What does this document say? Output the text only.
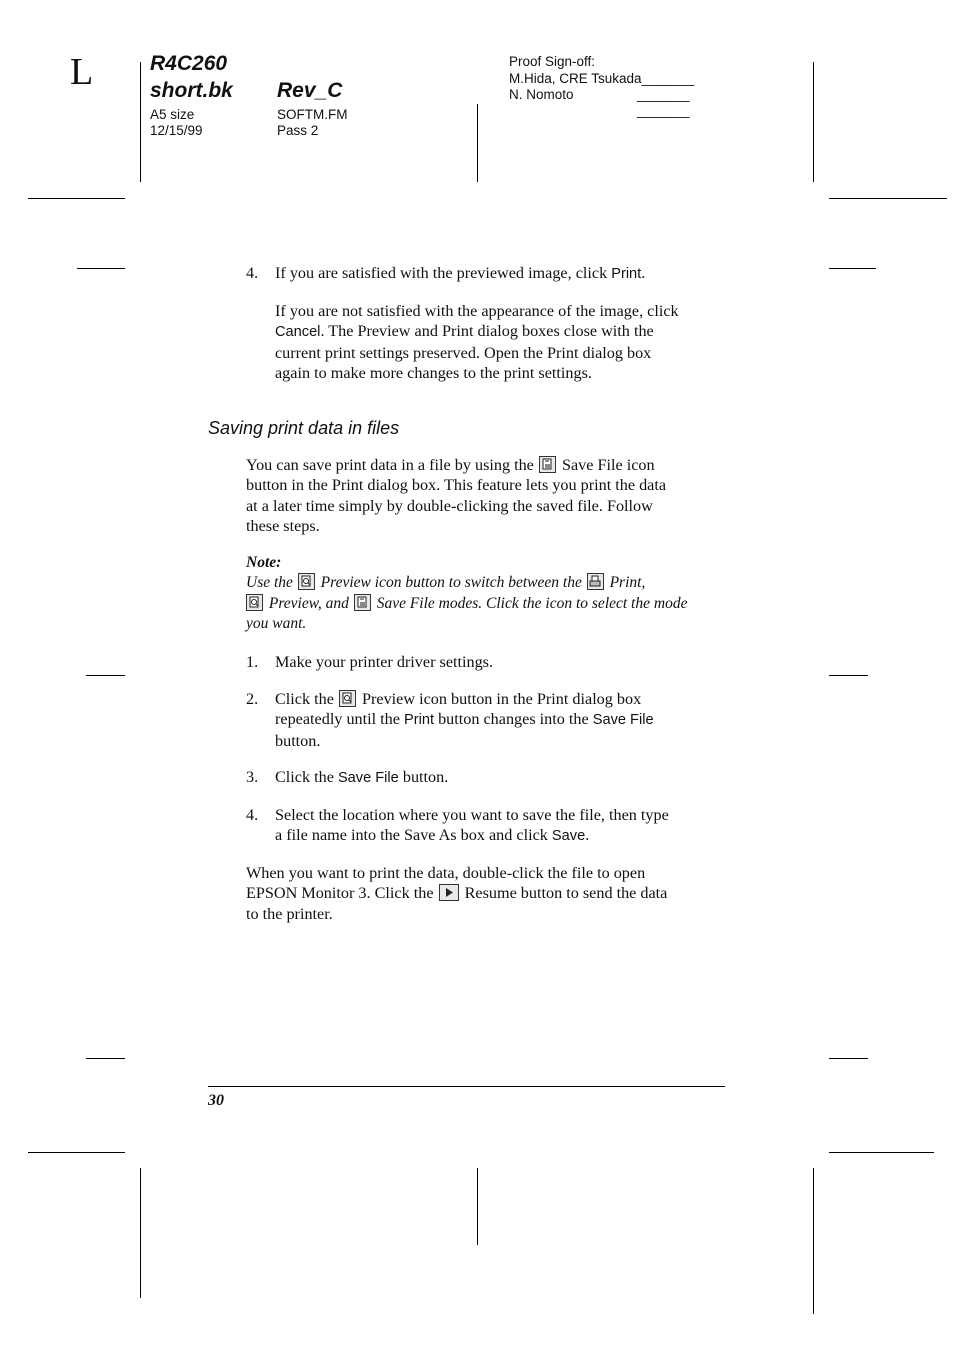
L	R4C260
short.bk Rev_C
A5 size
12/15/99
SOFTM.FM
Pass 2
Proof Sign-off:
M.Hida, CRE Tsukada_______
N. Nomoto	_______
_______
4. If you are satisfied with the previewed image, click Print.
If you are not satisfied with the appearance of the image, click
Cancel. The Preview and Print dialog boxes close with the
current print settings preserved. Open the Print dialog box
again to make more changes to the print settings.
Saving print data in files
You can save print data in a file by using the
Save File icon
button in the Print dialog box. This feature lets you print the data
at a later time simply by double-clicking the saved file. Follow
these steps.
Note:
Use the
Preview icon button to switch between the
Print,
Preview, and
Save File modes. Click the icon to select the mode
you want.
1. Make your printer driver settings.
2. Click the
Preview icon button in the Print dialog box
repeatedly until the Print button changes into the Save File
button.
3. Click the Save File button.
4. Select the location where you want to save the file, then type
a file name into the Save As box and click Save.
When you want to print the data, double-click the file to open
EPSON Monitor 3. Click the
Resume button to send the data
to the printer.
30
